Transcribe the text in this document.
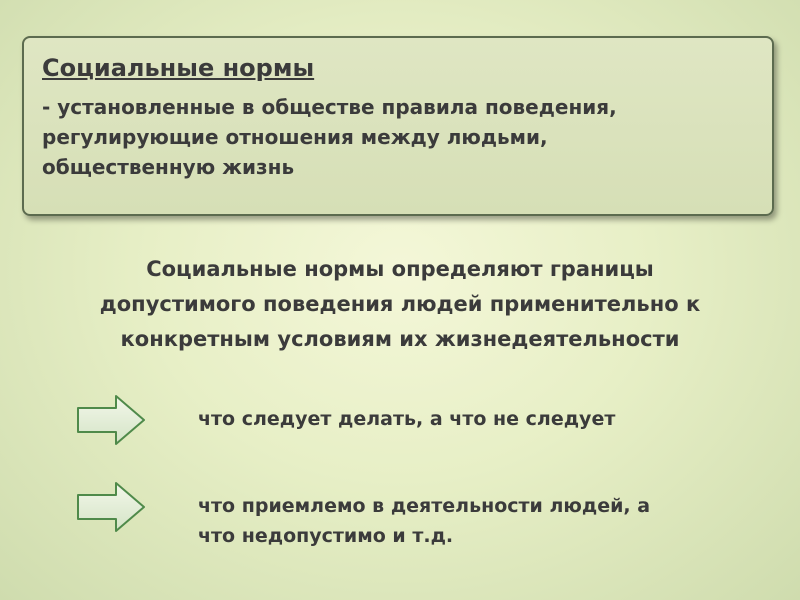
Социальные нормы
- установленные в обществе правила поведения,
регулирующие отношения между людьми,
общественную жизнь
Социальные нормы определяют границы
допустимого поведения людей применительно к
конкретным условиям их жизнедеятельности
что следует делать, а что не следует
что приемлемо в деятельности людей, а
что недопустимо и т.д.
